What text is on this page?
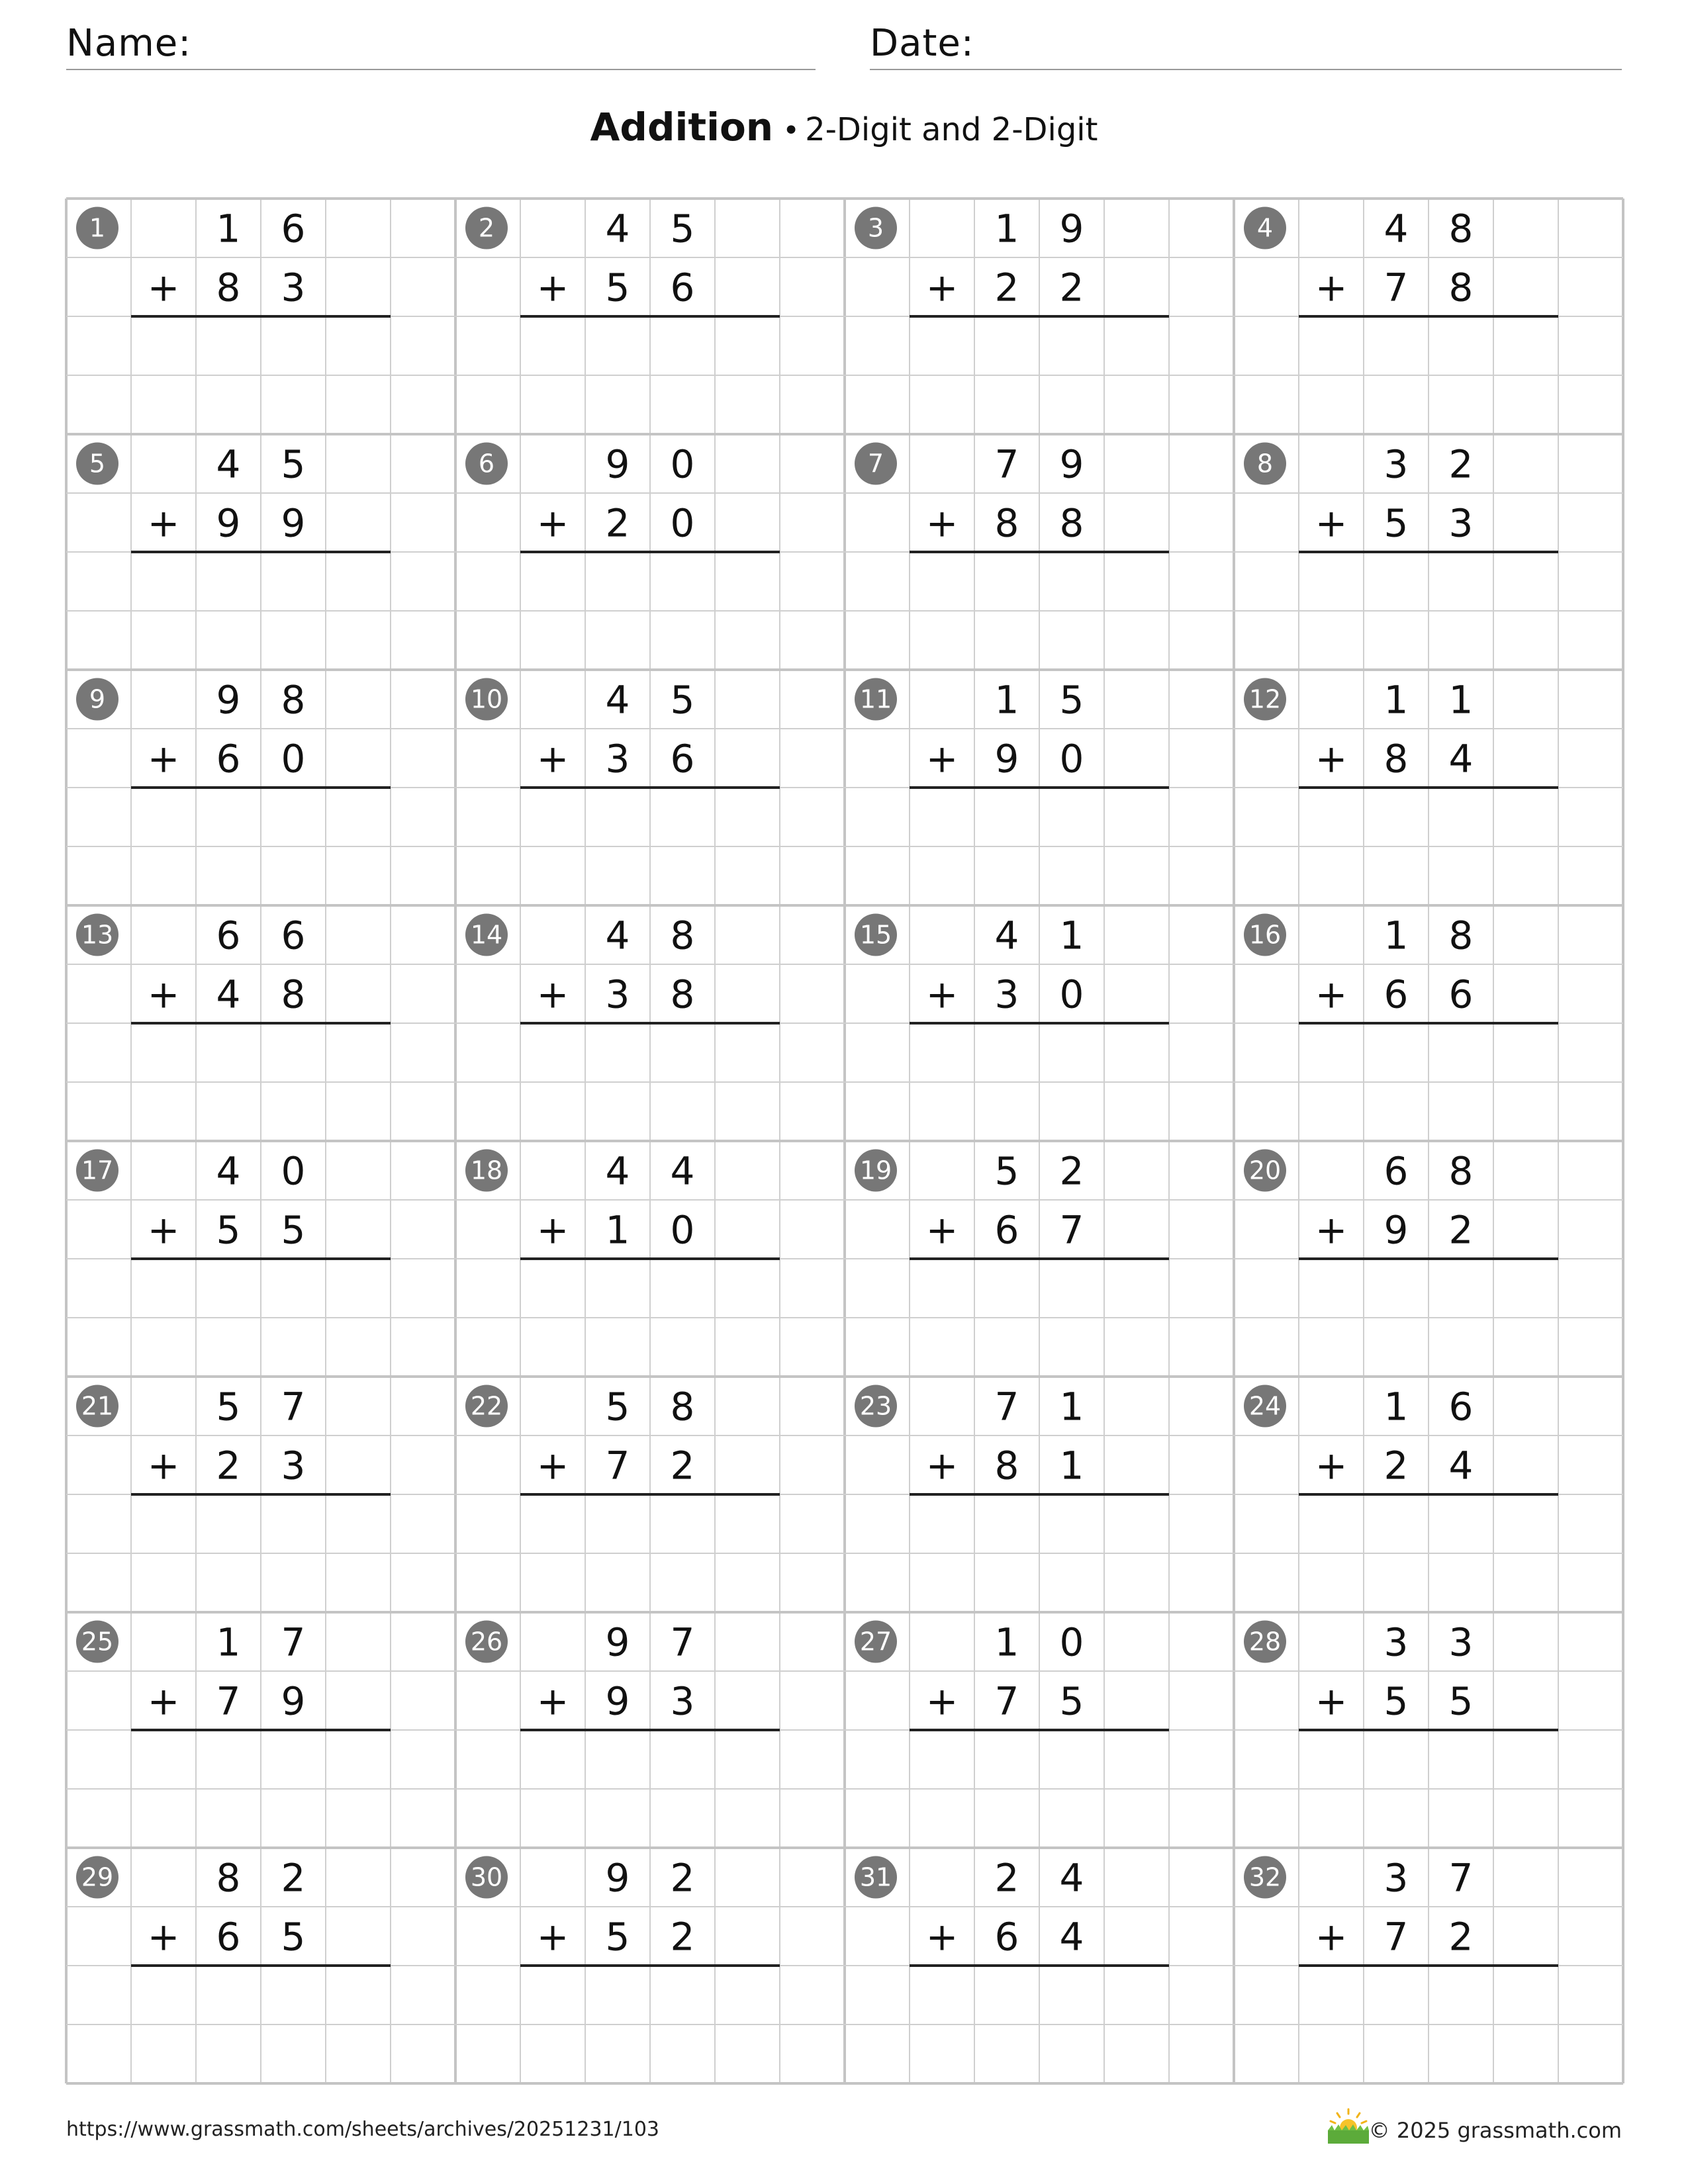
Name:	Date:
Addition • 2-Digit and 2-Digit
1	1 6
8 3
+
2	4 5
5 6
+
3	1 9
2 2
+
4	4 8
7 8
+
5	4 5
9 9
+
6	9 0
2 0
+
7	7 9
8 8
+
8	3 2
5 3
+
9	9 8
6 0
+
10	4 5
3 6
+
11	1 5
9 0
+
12	1 1
8 4
+
13	6 6
4 8
+
14	4 8
3 8
+
15	4 1
3 0
+
16	1 8
6 6
+
17	4 0
5 5
+
18	4 4
1 0
+
19	5 2
6 7
+
20	6 8
9 2
+
21	5 7
2 3
+
22	5 8
7 2
+
23	7 1
8 1
+
24	1 6
2 4
+
25	1 7
7 9
+
26	9 7
9 3
+
27	1 0
7 5
+
28	3 3
5 5
+
29	8 2
6 5
+
30	9 2
5 2
+
31	2 4
6 4
+
32	3 7
7 2
+
https://www.grassmath.com/sheets/archives/20251231/103	© 2025 grassmath.com
